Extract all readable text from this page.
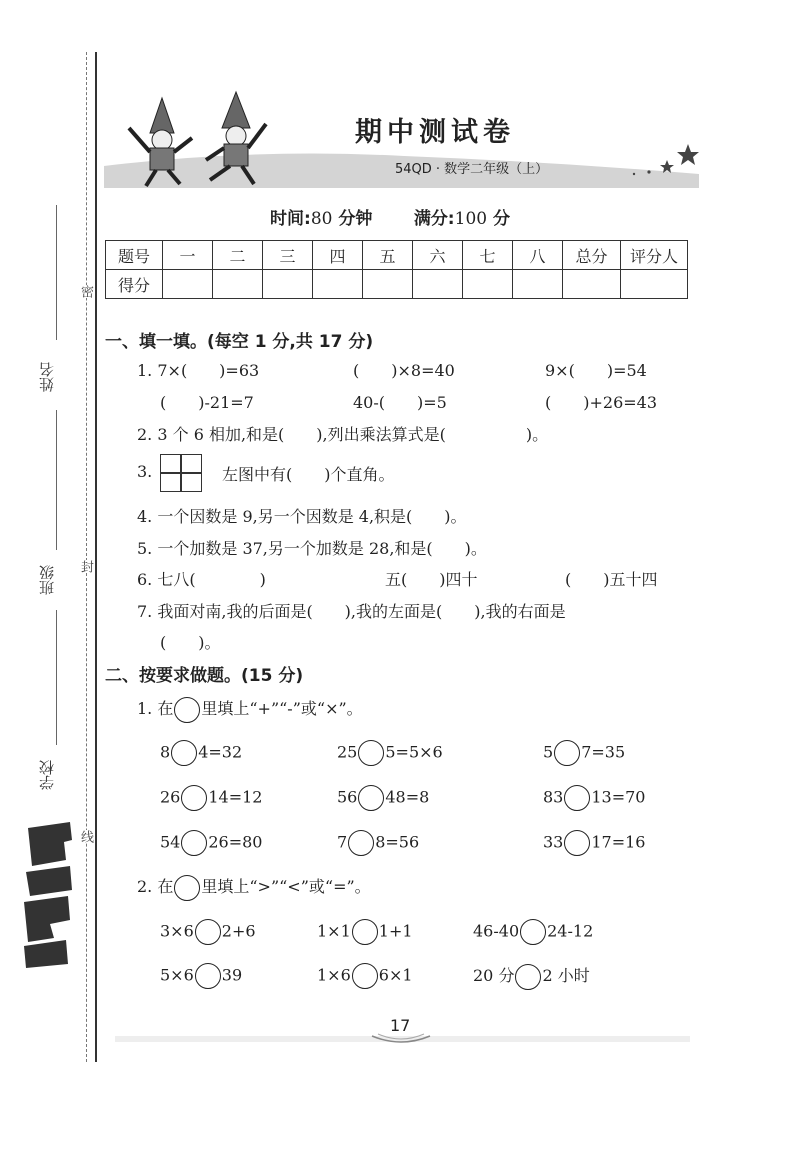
密
封
线
姓名
班级
学校
期中测试卷
54QD · 数学二年级（上）
时间:80 分钟 满分:100 分
题号	一	二	三	四	五	六	七	八	总分	评分人
得分										
一、填一填。(每空 1 分,共 17 分)
1. 7×(　　)=63	(　　)×8=40	9×(　　)=54
(　　)-21=7	40-(　　)=5	(　　)+26=43
2. 3 个 6 相加,和是(　　),列出乘法算式是(　　　　　)。
3.	左图中有(　　)个直角。
4. 一个因数是 9,另一个因数是 4,积是(　　)。
5. 一个加数是 37,另一个加数是 28,和是(　　)。
6. 七八(　　　　)	五(　　)四十	(　　)五十四
7. 我面对南,我的后面是(　　),我的左面是(　　),我的右面是
(　　)。
二、按要求做题。(15 分)
1. 在 里填上“+”“-”或“×”。
8 4=32	25 5=5×6	5 7=35
26 14=12	56 48=8	83 13=70
54 26=80	7 8=56	33 17=16
2. 在 里填上“>”“<”或“=”。
3×6 2+6	1×1 1+1	46-40 24-12
5×6 39	1×6 6×1	20 分 2 小时
17
